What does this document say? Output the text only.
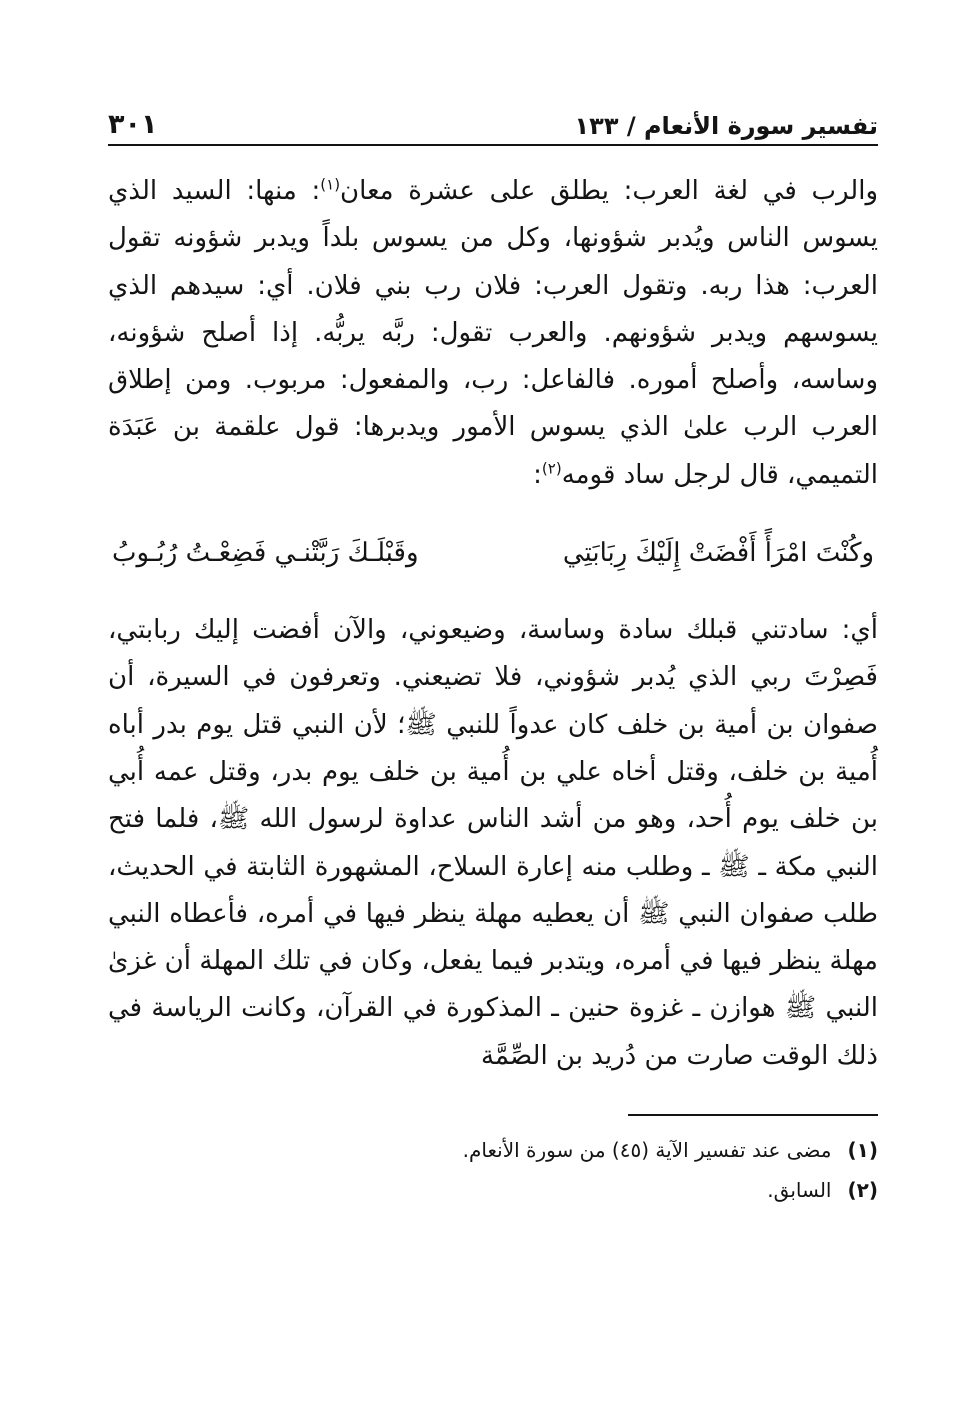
تفسير سورة الأنعام / ١٣٣
٣٠١

والرب في لغة العرب: يطلق على عشرة معان$^{(١)}$: منها: السيد الذي يسوس الناس ويُدبر شؤونها، وكل من يسوس بلداً ويدبر شؤونه تقول العرب: هذا ربه. وتقول العرب: فلان رب بني فلان. أي: سيدهم الذي يسوسهم ويدبر شؤونهم. والعرب تقول: ربَّه يربُّه. إذا أصلح شؤونه، وساسه، وأصلح أموره. فالفاعل: رب، والمفعول: مربوب. ومن إطلاق العرب الرب علىٰ الذي يسوس الأمور ويدبرها: قول علقمة بن عَبَدَة التميمي، قال لرجل ساد قومه$^{(٢)}$:

وكُنْتَ امْرَأً أَفْضَتْ إِلَيْكَ رِبَابَتِي
وقَبْلَـكَ رَبَّتْنـي فَضِعْـتُ رُبُـوبُ

أي: سادتني قبلك سادة وساسة، وضيعوني، والآن أفضت إليك ربابتي، فَصِرْتَ ربي الذي يُدبر شؤوني، فلا تضيعني. وتعرفون في السيرة، أن صفوان بن أمية بن خلف كان عدواً للنبي ﷺ؛ لأن النبي قتل يوم بدر أباه أُمية بن خلف، وقتل أخاه علي بن أُمية بن خلف يوم بدر، وقتل عمه أُبي بن خلف يوم أُحد، وهو من أشد الناس عداوة لرسول الله ﷺ، فلما فتح النبي مكة ـ ﷺ ـ وطلب منه إعارة السلاح، المشهورة الثابتة في الحديث، طلب صفوان النبي ﷺ أن يعطيه مهلة ينظر فيها في أمره، فأعطاه النبي مهلة ينظر فيها في أمره، ويتدبر فيما يفعل، وكان في تلك المهلة أن غزىٰ النبي ﷺ هوازن ـ غزوة حنين ـ المذكورة في القرآن، وكانت الرياسة في ذلك الوقت صارت من دُريد بن الصِّمَّة

(١)
مضى عند تفسير الآية (٤٥) من سورة الأنعام.
(٢)
السابق.
